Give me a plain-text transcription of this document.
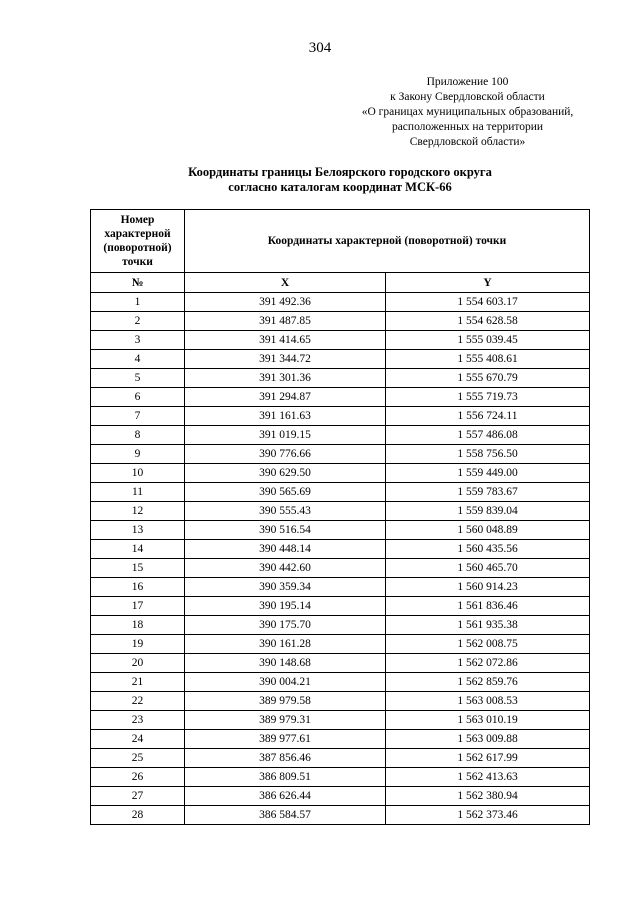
304
Приложение 100
к Закону Свердловской области
«О границах муниципальных образований,
расположенных на территории
Свердловской области»
Координаты границы Белоярского городского округа
согласно каталогам координат МСК-66
Номер характерной (поворотной) точки	Координаты характерной (поворотной) точки	
№	X	Y
1	391 492.36	1 554 603.17
2	391 487.85	1 554 628.58
3	391 414.65	1 555 039.45
4	391 344.72	1 555 408.61
5	391 301.36	1 555 670.79
6	391 294.87	1 555 719.73
7	391 161.63	1 556 724.11
8	391 019.15	1 557 486.08
9	390 776.66	1 558 756.50
10	390 629.50	1 559 449.00
11	390 565.69	1 559 783.67
12	390 555.43	1 559 839.04
13	390 516.54	1 560 048.89
14	390 448.14	1 560 435.56
15	390 442.60	1 560 465.70
16	390 359.34	1 560 914.23
17	390 195.14	1 561 836.46
18	390 175.70	1 561 935.38
19	390 161.28	1 562 008.75
20	390 148.68	1 562 072.86
21	390 004.21	1 562 859.76
22	389 979.58	1 563 008.53
23	389 979.31	1 563 010.19
24	389 977.61	1 563 009.88
25	387 856.46	1 562 617.99
26	386 809.51	1 562 413.63
27	386 626.44	1 562 380.94
28	386 584.57	1 562 373.46
